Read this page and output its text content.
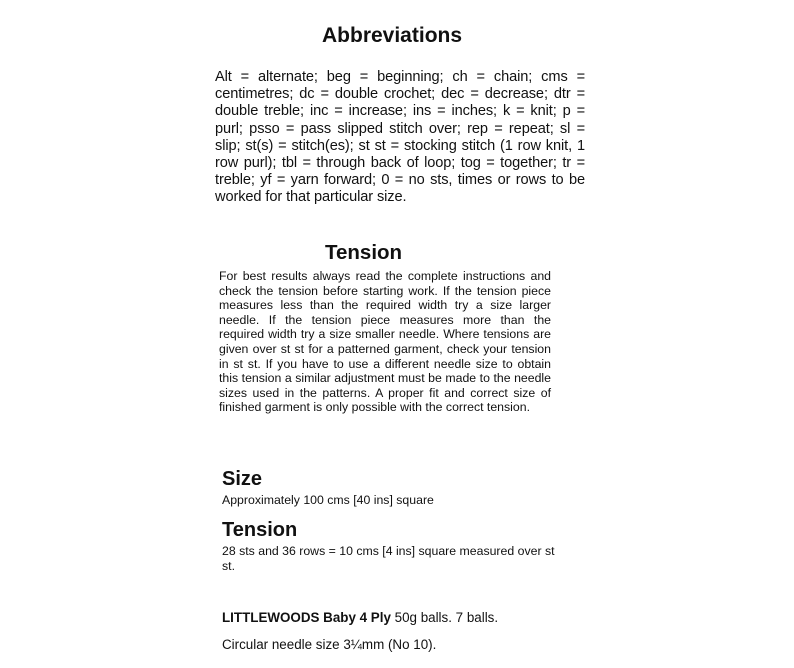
Abbreviations

Alt = alternate; beg = beginning; ch = chain; cms = centimetres; dc = double crochet; dec = decrease; dtr = double treble; inc = increase; ins = inches; k = knit; p = purl; psso = pass slipped stitch over; rep = repeat; sl = slip; st(s) = stitch(es); st st = stocking stitch (1 row knit, 1 row purl); tbl = through back of loop; tog = together; tr = treble; yf = yarn forward; 0 = no sts, times or rows to be worked for that particular size.

Tension

For best results always read the complete instructions and check the tension before starting work. If the tension piece measures less than the required width try a size larger needle. If the tension piece measures more than the required width try a size smaller needle. Where tensions are given over st st for a patterned garment, check your tension in st st. If you have to use a different needle size to obtain this tension a similar adjustment must be made to the needle sizes used in the patterns. A proper fit and correct size of finished garment is only possible with the correct tension.

Size

Approximately 100 cms [40 ins] square

Tension

28 sts and 36 rows = 10 cms [4 ins] square measured over st st.

LITTLEWOODS Baby 4 Ply 50g balls. 7 balls.

Circular needle size 3¼mm (No 10).
